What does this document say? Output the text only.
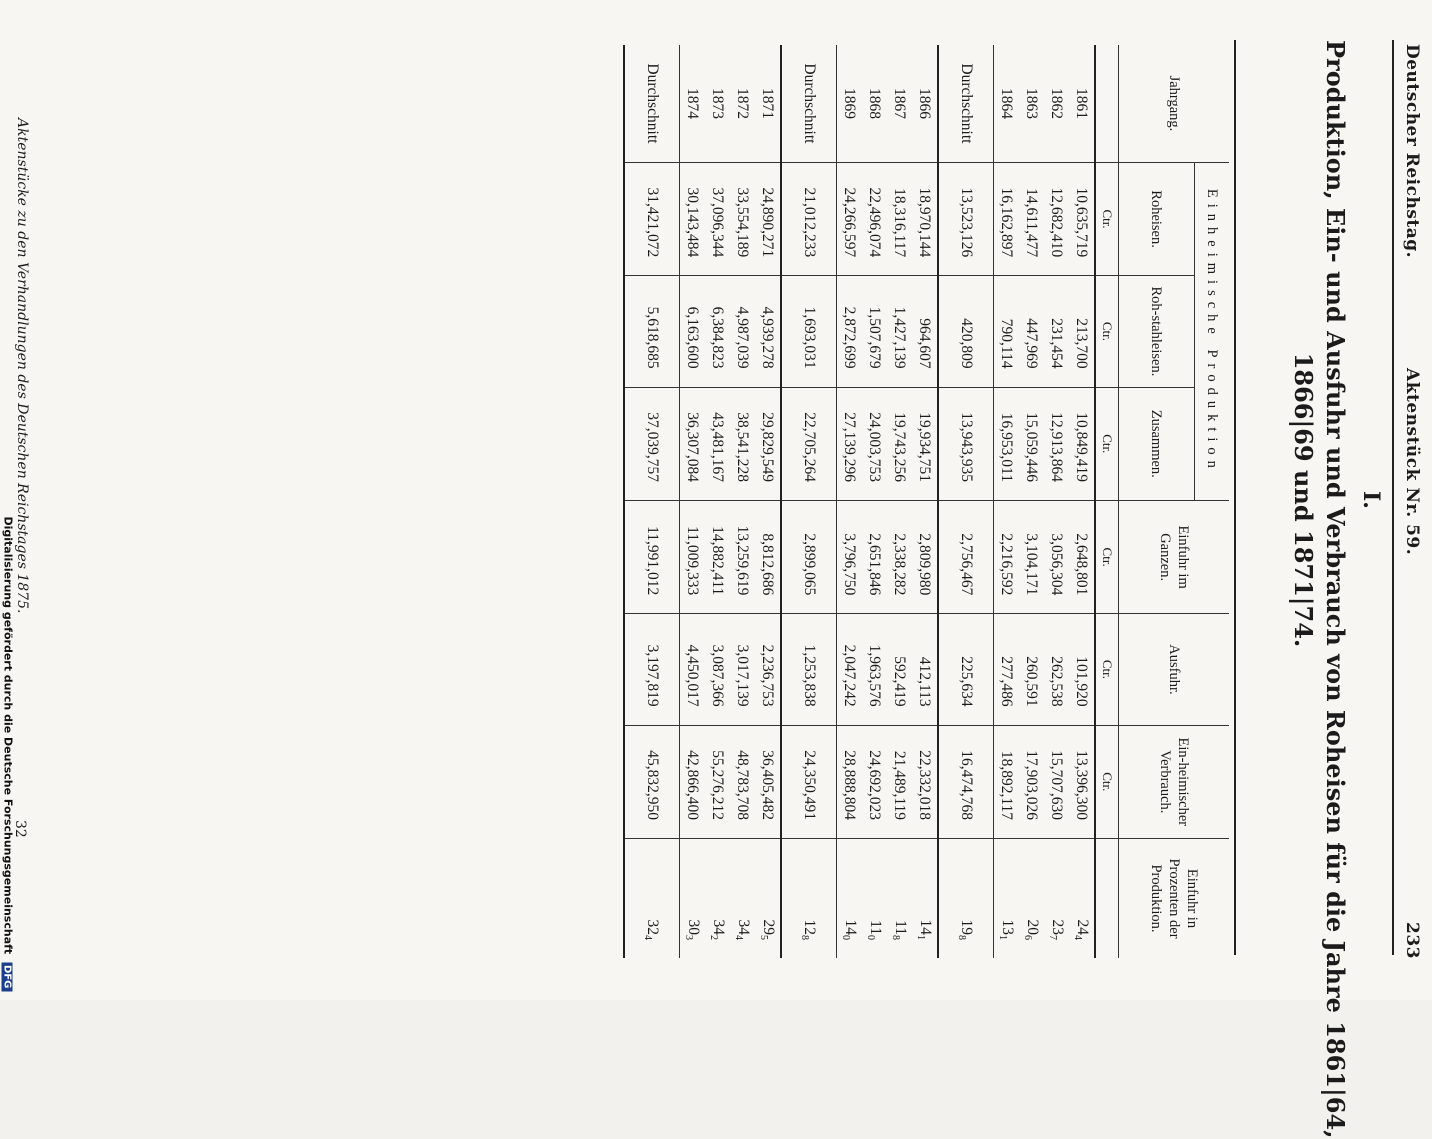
Digitalisierung gefördert durch die Deutsche Forschungsgemeinschaft DFG
Deutscher Reichstag.
Aktenstück Nr. 59.
233
I.
Produktion, Ein- und Ausfuhr und Verbrauch von Roheisen für die Jahre 1861|64,
1866|69 und 1871|74.
Jahrgang.	Einheimische Produktion			Einfuhr im Ganzen.	Ausfuhr.	Ein-heimischer Verbrauch.	Einfuhr in Prozenten der Produktion.
	Roheisen.	Roh-stahleisen.	Zusammen.				
	Ctr.	Ctr.	Ctr.	Ctr.	Ctr.	Ctr.	
1861	10,635,719	213,700	10,849,419	2,648,801	101,920	13,396,300	$24_4$
1862	12,682,410	231,454	12,913,864	3,056,304	262,538	15,707,630	$23_7$
1863	14,611,477	447,969	15,059,446	3,104,171	260,591	17,903,026	$20_6$
1864	16,162,897	790,114	16,953,011	2,216,592	277,486	18,892,117	$13_1$
Durchschnitt	13,523,126	420,809	13,943,935	2,756,467	225,634	16,474,768	$19_8$
1866	18,970,144	964,607	19,934,751	2,809,980	412,113	22,332,018	$14_1$
1867	18,316,117	1,427,139	19,743,256	2,338,282	592,419	21,489,119	$11_8$
1868	22,496,074	1,507,679	24,003,753	2,651,846	1,963,576	24,692,023	$11_0$
1869	24,266,597	2,872,699	27,139,296	3,796,750	2,047,242	28,888,804	$14_0$
Durchschnitt	21,012,233	1,693,031	22,705,264	2,899,065	1,253,838	24,350,491	$12_8$
1871	24,890,271	4,939,278	29,829,549	8,812,686	2,236,753	36,405,482	$29_5$
1872	33,554,189	4,987,039	38,541,228	13,259,619	3,017,139	48,783,708	$34_4$
1873	37,096,344	6,384,823	43,481,167	14,882,411	3,087,366	55,276,212	$34_2$
1874	30,143,484	6,163,600	36,307,084	11,009,333	4,450,017	42,866,400	$30_3$
Durchschnitt	31,421,072	5,618,685	37,039,757	11,991,012	3,197,819	45,832,950	$32_4$

Aktenstücke zu den Verhandlungen des Deutschen Reichstages 1875.
32
